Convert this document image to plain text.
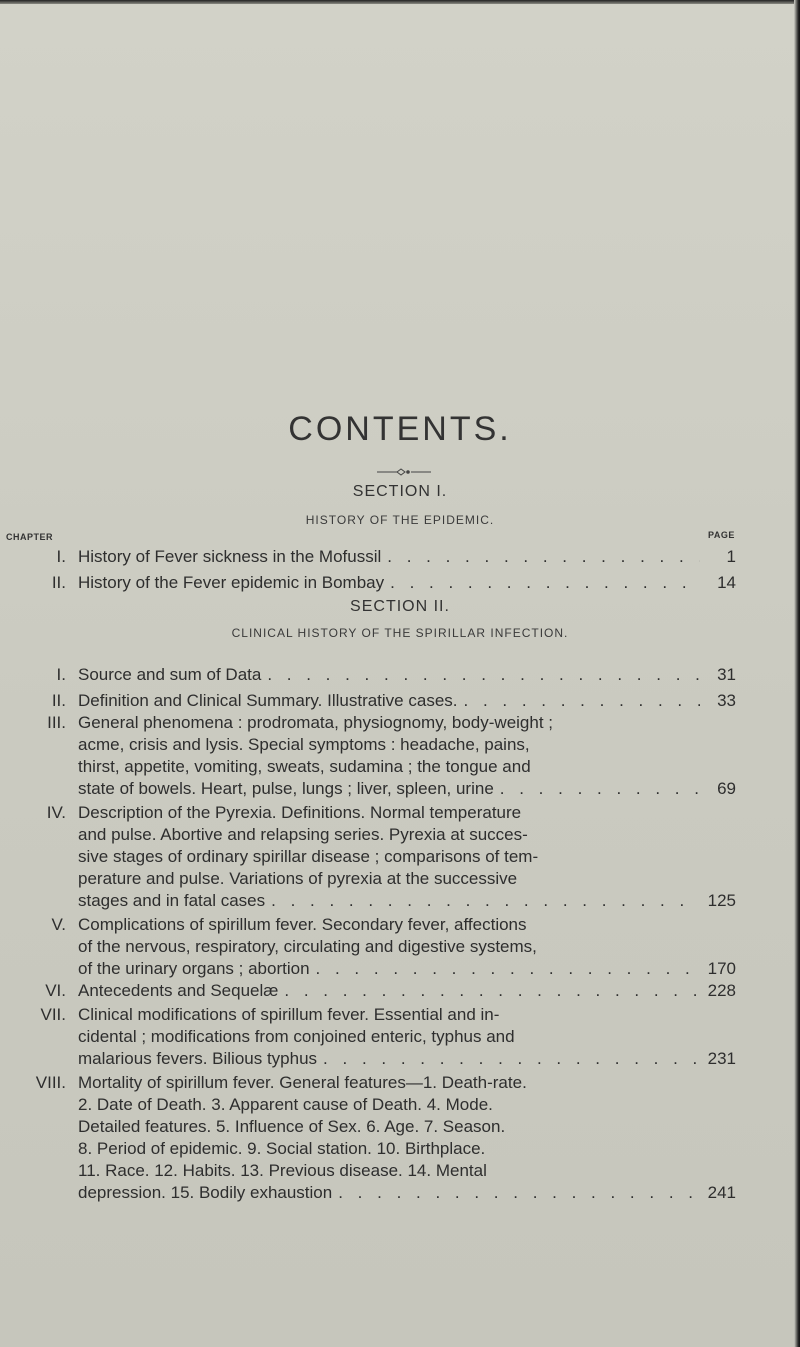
CONTENTS.
SECTION I.
HISTORY OF THE EPIDEMIC.
CHAPTER	PAGE
I. History of Fever sickness in the Mofussil . . .	1
II. History of the Fever epidemic in Bombay . . .	14
SECTION II.
CLINICAL HISTORY OF THE SPIRILLAR INFECTION.
I. Source and sum of Data . . .	31
II. Definition and Clinical Summary. Illustrative cases. . . .	33
III. General phenomena : prodromata, physiognomy, body-weight ;
acme, crisis and lysis. Special symptoms : headache, pains,
thirst, appetite, vomiting, sweats, sudamina ; the tongue and
state of bowels. Heart, pulse, lungs ; liver, spleen, urine . . .	69
IV. Description of the Pyrexia. Definitions. Normal temperature
and pulse. Abortive and relapsing series. Pyrexia at succes-
sive stages of ordinary spirillar disease ; comparisons of tem-
perature and pulse. Variations of pyrexia at the successive
stages and in fatal cases . . .	125
V. Complications of spirillum fever. Secondary fever, affections
of the nervous, respiratory, circulating and digestive systems,
of the urinary organs ; abortion . . .	170
VI. Antecedents and Sequelæ . . .	228
VII. Clinical modifications of spirillum fever. Essential and in-
cidental ; modifications from conjoined enteric, typhus and
malarious fevers. Bilious typhus . . .	231
VIII. Mortality of spirillum fever. General features—1. Death-rate.
2. Date of Death. 3. Apparent cause of Death. 4. Mode.
Detailed features. 5. Influence of Sex. 6. Age. 7. Season.
8. Period of epidemic. 9. Social station. 10. Birthplace.
11. Race. 12. Habits. 13. Previous disease. 14. Mental
depression. 15. Bodily exhaustion . . .	241
